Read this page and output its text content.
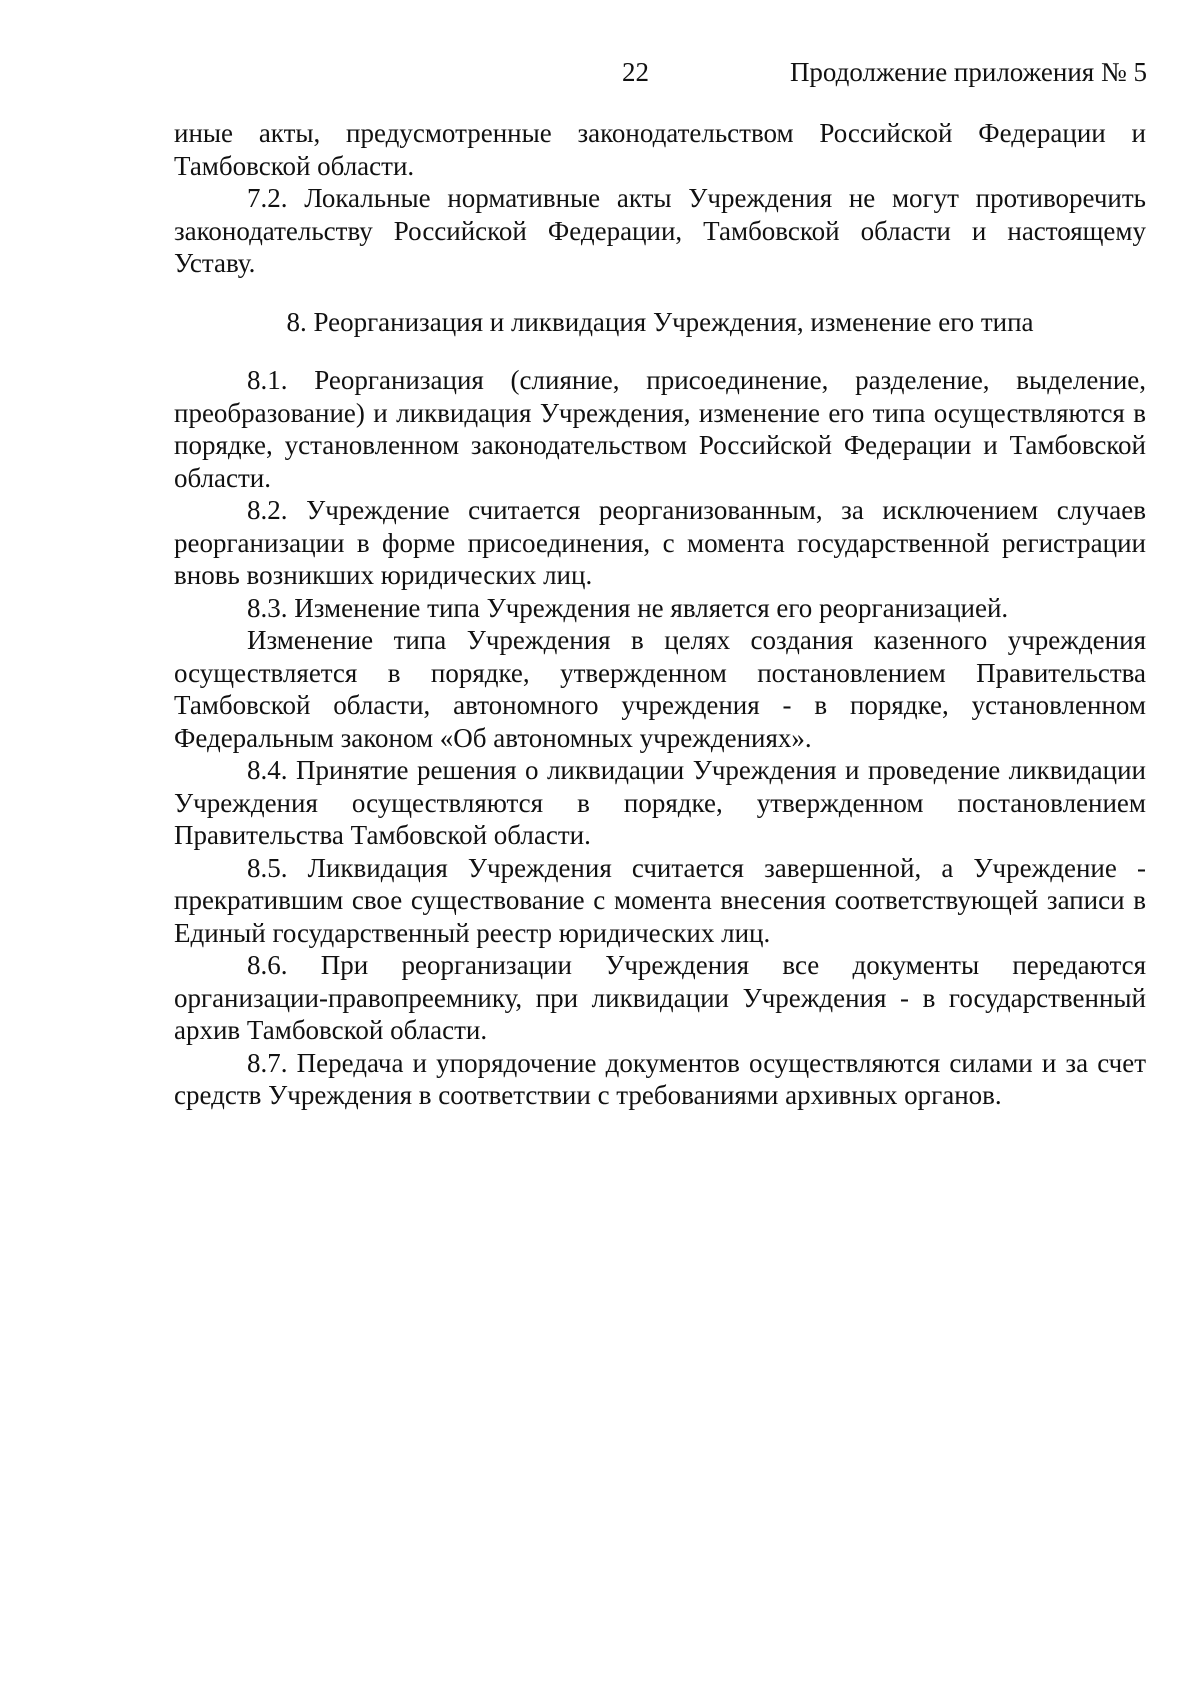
22	Продолжение приложения № 5

иные акты, предусмотренные законодательством Российской Федерации и Тамбовской области.

7.2. Локальные нормативные акты Учреждения не могут противоречить законодательству Российской Федерации, Тамбовской области и настоящему Уставу.

8. Реорганизация и ликвидация Учреждения, изменение его типа

8.1. Реорганизация (слияние, присоединение, разделение, выделение, преобразование) и ликвидация Учреждения, изменение его типа осуществляются в порядке, установленном законодательством Российской Федерации и Тамбовской области.

8.2. Учреждение считается реорганизованным, за исключением случаев реорганизации в форме присоединения, с момента государственной регистрации вновь возникших юридических лиц.

8.3. Изменение типа Учреждения не является его реорганизацией.

Изменение типа Учреждения в целях создания казенного учреждения осуществляется в порядке, утвержденном постановлением Правительства Тамбовской области, автономного учреждения - в порядке, установленном Федеральным законом «Об автономных учреждениях».

8.4. Принятие решения о ликвидации Учреждения и проведение ликвидации Учреждения осуществляются в порядке, утвержденном постановлением Правительства Тамбовской области.

8.5. Ликвидация Учреждения считается завершенной, а Учреждение - прекратившим свое существование с момента внесения соответствующей записи в Единый государственный реестр юридических лиц.

8.6. При реорганизации Учреждения все документы передаются организации-правопреемнику, при ликвидации Учреждения - в государственный архив Тамбовской области.

8.7. Передача и упорядочение документов осуществляются силами и за счет средств Учреждения в соответствии с требованиями архивных органов.
